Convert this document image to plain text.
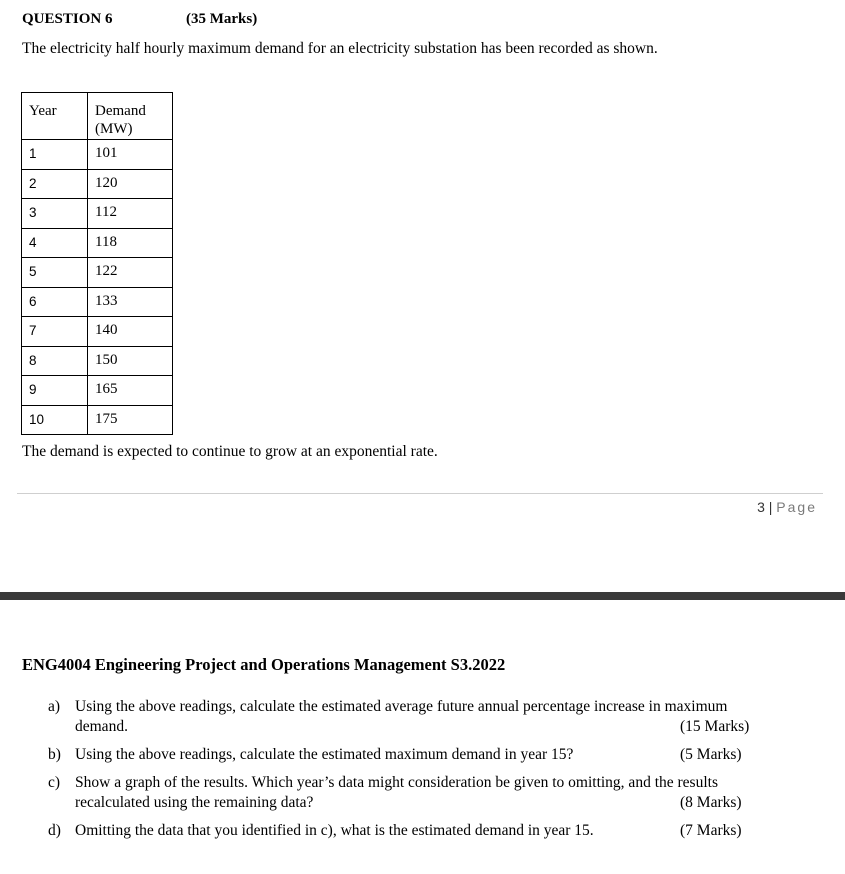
QUESTION 6	(35 Marks)
The electricity half hourly maximum demand for an electricity substation has been recorded as shown.
Year	Demand (MW)
1	101
2	120
3	112
4	118
5	122
6	133
7	140
8	150
9	165
10	175
The demand is expected to continue to grow at an exponential rate.
3 | Page
ENG4004 Engineering Project and Operations Management S3.2022
a) Using the above readings, calculate the estimated average future annual percentage increase in maximum
demand.	(15 Marks)
b) Using the above readings, calculate the estimated maximum demand in year 15?	(5 Marks)
c) Show a graph of the results. Which year’s data might consideration be given to omitting, and the results
recalculated using the remaining data?	(8 Marks)
d) Omitting the data that you identified in c), what is the estimated demand in year 15.	(7 Marks)
